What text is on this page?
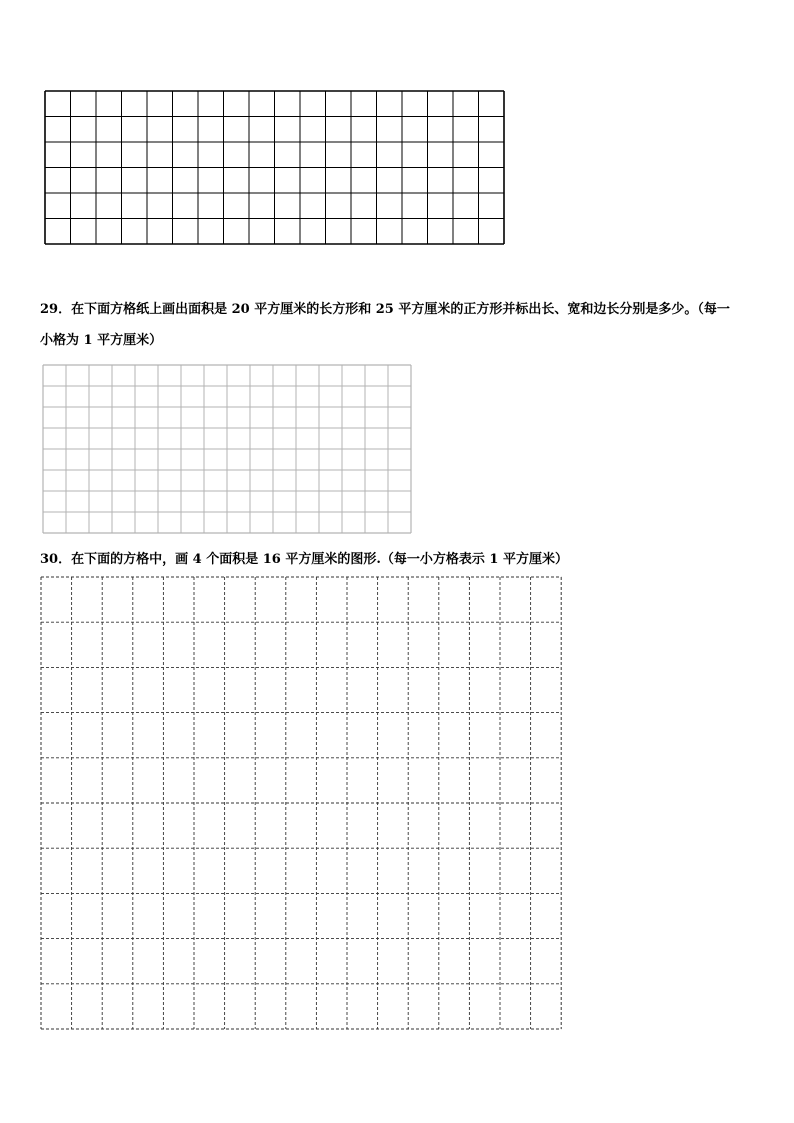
29．在下面方格纸上画出面积是 20 平方厘米的长方形和 25 平方厘米的正方形并标出长、宽和边长分别是多少。（每一

小格为 1 平方厘米）

30．在下面的方格中，画 4 个面积是 16 平方厘米的图形.（每一小方格表示 1 平方厘米）
